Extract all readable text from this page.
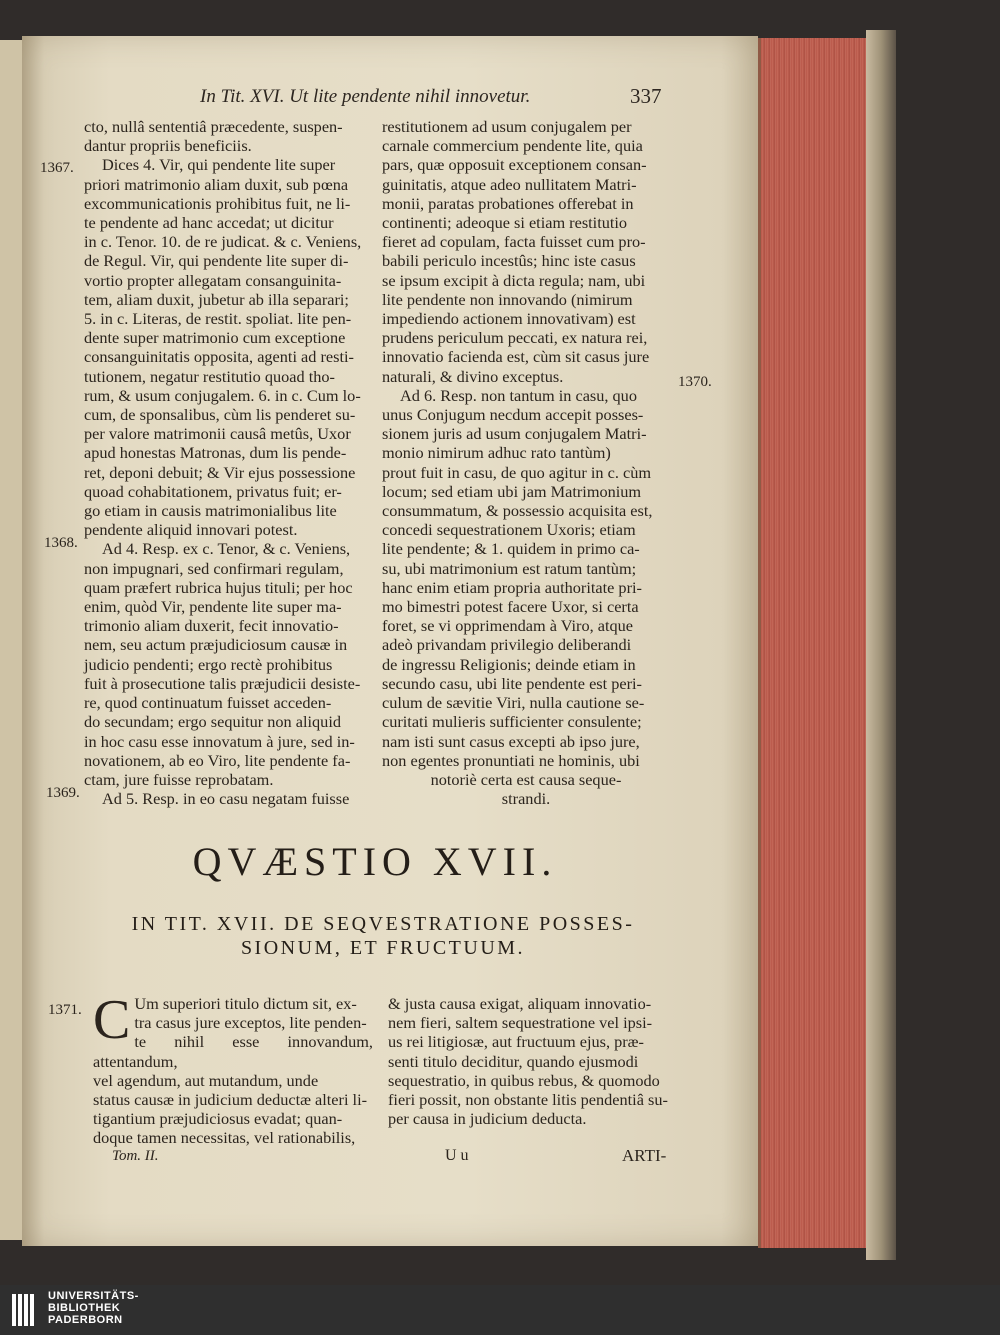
In Tit. XVI. Ut lite pendente nihil innovetur.	337

cto, nullâ sententiâ præcedente, suspen-

dantur propriis beneficiis.

Dices 4. Vir, qui pendente lite super

priori matrimonio aliam duxit, sub pœna

excommunicationis prohibitus fuit, ne li-

te pendente ad hanc accedat; ut dicitur

in c. Tenor. 10. de re judicat. & c. Veniens,

de Regul. Vir, qui pendente lite super di-

vortio propter allegatam consanguinita-

tem, aliam duxit, jubetur ab illa separari;

5. in c. Literas, de restit. spoliat. lite pen-

dente super matrimonio cum exceptione

consanguinitatis opposita, agenti ad resti-

tutionem, negatur restitutio quoad tho-

rum, & usum conjugalem. 6. in c. Cum lo-

cum, de sponsalibus, cùm lis penderet su-

per valore matrimonii causâ metûs, Uxor

apud honestas Matronas, dum lis pende-

ret, deponi debuit; & Vir ejus possessione

quoad cohabitationem, privatus fuit; er-

go etiam in causis matrimonialibus lite

pendente aliquid innovari potest.

Ad 4. Resp. ex c. Tenor, & c. Veniens,

non impugnari, sed confirmari regulam,

quam præfert rubrica hujus tituli; per hoc

enim, quòd Vir, pendente lite super ma-

trimonio aliam duxerit, fecit innovatio-

nem, seu actum præjudiciosum causæ in

judicio pendenti; ergo rectè prohibitus

fuit à prosecutione talis præjudicii desiste-

re, quod continuatum fuisset acceden-

do secundam; ergo sequitur non aliquid

in hoc casu esse innovatum à jure, sed in-

novationem, ab eo Viro, lite pendente fa-

ctam, jure fuisse reprobatam.

Ad 5. Resp. in eo casu negatam fuisse

restitutionem ad usum conjugalem per

carnale commercium pendente lite, quia

pars, quæ opposuit exceptionem consan-

guinitatis, atque adeo nullitatem Matri-

monii, paratas probationes offerebat in

continenti; adeoque si etiam restitutio

fieret ad copulam, facta fuisset cum pro-

babili periculo incestûs; hinc iste casus

se ipsum excipit à dicta regula; nam, ubi

lite pendente non innovando (nimirum

impediendo actionem innovativam) est

prudens periculum peccati, ex natura rei,

innovatio facienda est, cùm sit casus jure

naturali, & divino exceptus.

Ad 6. Resp. non tantum in casu, quo

unus Conjugum necdum accepit posses-

sionem juris ad usum conjugalem Matri-

monio nimirum adhuc rato tantùm)

prout fuit in casu, de quo agitur in c. cùm

locum; sed etiam ubi jam Matrimonium

consummatum, & possessio acquisita est,

concedi sequestrationem Uxoris; etiam

lite pendente; & 1. quidem in primo ca-

su, ubi matrimonium est ratum tantùm;

hanc enim etiam propria authoritate pri-

mo bimestri potest facere Uxor, si certa

foret, se vi opprimendam à Viro, atque

adeò privandam privilegio deliberandi

de ingressu Religionis; deinde etiam in

secundo casu, ubi lite pendente est peri-

culum de sævitie Viri, nulla cautione se-

curitati mulieris sufficienter consulente;

nam isti sunt casus excepti ab ipso jure,

non egentes pronuntiati ne hominis, ubi

notoriè certa est causa seque-

strandi.

1367.
1368.
1369.
1370.
1371.
QVÆSTIO XVII.
IN TIT. XVII. DE SEQVESTRATIONE POSSES-
SIONUM, ET FRUCTUUM.
C Um superiori titulo dictum sit, ex-

tra casus jure exceptos, lite penden-

te nihil esse innovandum, attentandum,

vel agendum, aut mutandum, unde

status causæ in judicium deductæ alteri li-

tigantium præjudiciosus evadat; quan-

doque tamen necessitas, vel rationabilis,

& justa causa exigat, aliquam innovatio-

nem fieri, saltem sequestratione vel ipsi-

us rei litigiosæ, aut fructuum ejus, præ-

senti titulo deciditur, quando ejusmodi

sequestratio, in quibus rebus, & quomodo

fieri possit, non obstante litis pendentiâ su-

per causa in judicium deducta.

Tom. II.	U u	ARTI-
UNIVERSITÄTS-
BIBLIOTHEK
PADERBORN
